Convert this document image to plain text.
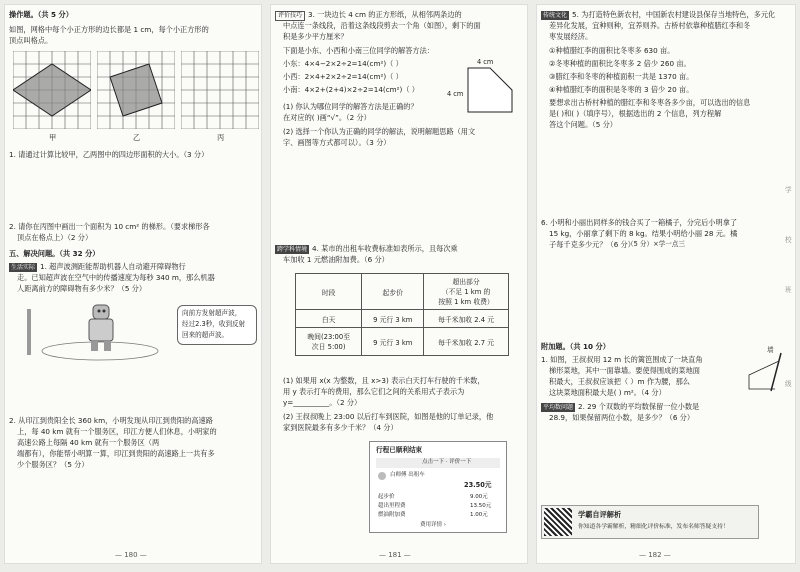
操作题。（共 5 分）
如图，网格中每个小正方形的边长都是 1 cm，每个小正方形的
顶点叫格点。
甲	乙	丙
1. 请通过计算比较甲，乙两图中的四边形面积的大小。（3 分）
2. 请你在丙图中画出一个面积为 10 cm² 的梯形。（要求梯形各
顶点在格点上）（2 分）
五、解决问题。（共 32 分）
生活实际 1. 超声波测距能帮助机器人自动避开障碍物行
走。已知超声波在空气中的传播速度为每秒 340 m，那么机器
人距离前方的障碍物有多少米？（5 分）
向前方发射超声波，
经过2.3秒，收到反射
回来的超声波。
2. 从印江到贵阳全长 360 km，小明发现从印江到贵阳的高速路
上，每 40 km 就有一个服务区，印江方便人们休息，小明家的
高速公路上每隔 40 km 就有一个服务区（两
端都有），你能帮小明算一算，印江到贵阳的高速路上一共有多
少个服务区？（5 分）
— 180 —
评价技巧 3. 一块边长 4 cm 的正方形纸，从相邻两条边的
中点连一条线段，沿着这条线段剪去一个角（如图），剩下的面
积是多少平方厘米？
下面是小东、小西和小南三位同学的解答方法：
小东：4×4−2×2÷2=14(cm²)（ ）
小西：2×4+2×2÷2=14(cm²)（ ）
小南：4×2+(2+4)×2÷2=14(cm²)（ ）
4 cm
4 cm
(1) 你认为哪位同学的解答方法是正确的？
在对应的( )画“√”。（2 分）
(2) 选择一个你认为正确的同学的解法，说明解题思路（用文
字、画图等方式都可以）。（3 分）
跨学科情境 4. 某市的出租车收费标准如表所示，且每次乘
车加收 1 元燃油附加费。（6 分）
时段	起步价	超出部分
（不足 1 km 的
按照 1 km 收费）
白天	9 元行 3 km	每千米加收 2.4 元
晚间(23:00至
次日 5:00)	9 元行 3 km	每千米加收 2.7 元
(1) 如果用 x(x 为整数，且 x>3) 表示白天打车行驶的千米数，
用 y 表示打车的费用，那么它们之间的关系用式子表示为
y=__________。（2 分）
(2) 王叔叔晚上 23:00 以后打车到医院，如图是他的订单记录，他
家到医院最多有多少千米？（4 分）
行程已顺利结束
点击一下 · 评价一下
白师傅 出租车
23.50元
起步价	9.00元
超出里程费	13.50元
燃油附加费	1.00元
费用详情 ›
— 181 —
传统文化 5. 为打造特色新农村，中国新农村建设县保存当地特色，多元化
差异化发展，宜种则种，宜养则养。古桥村依靠种植腊红李和冬
枣发展经济。
①种植腊红李的面积比冬枣多 630 亩。
②冬枣种植的面积比冬枣多 2 倍少 260 亩。
③腊红李和冬枣的种植面积一共是 1370 亩。
④种植腊红李的面积是冬枣的 3 倍少 20 亩。
要想求出古桥村种植的腊红李和冬枣各多少亩，可以选出的信息
是( )和( )（填序号），根据选出的 2 个信息，列方程解
答这个问题。（5 分）
6. 小明和小丽出同样多的钱合买了一箱橘子，分完后小明拿了
15 kg，小丽拿了剩下的 8 kg。结果小明给小丽 28 元。橘
子每千克多少元？（6 分）
（5 分）×学一点三
附加题。（共 10 分）
1. 如图，王叔叔用 12 m 长的篱笆围成了一块直角
梯形菜地，其中一面靠墙。要使得围成的菜地面
积最大，王叔叔应该把（ ）m 作为腰，那么
这块菜地面积最大是( ) m²。（4 分）
墙
平均数问题 2. 29 个双数的平均数保留一位小数是
28.9，如果保留两位小数，是多少？（6 分）
学霸自评解析
你知道各学霸解析，精细化评价标准，发布名师答疑支持！
学
校
班
级
— 182 —
